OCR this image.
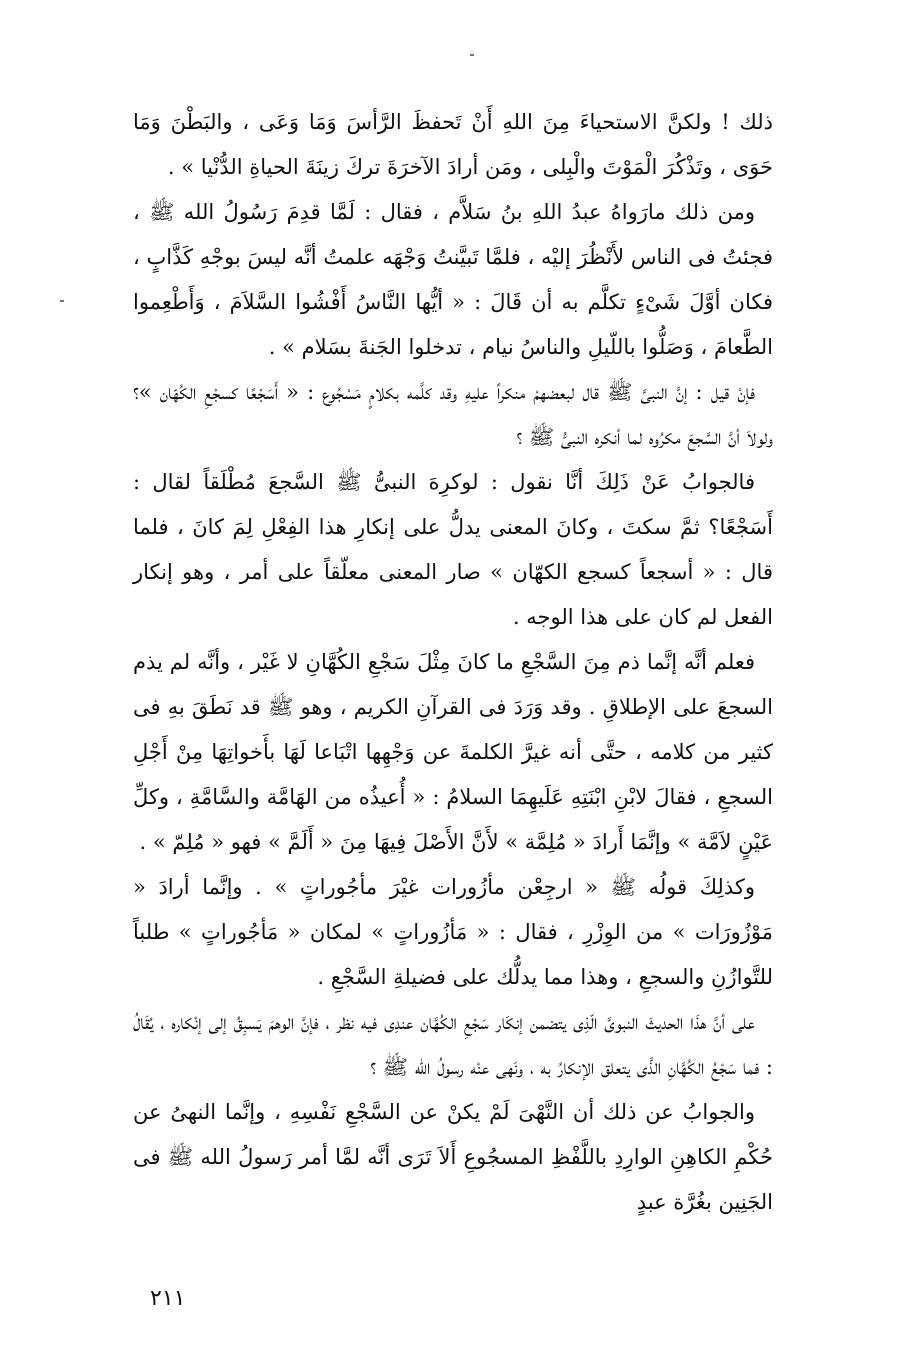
ذلك ! ولكنَّ الاستحياءَ مِنَ اللهِ أَنْ تَحفظَ الرَّأسَ وَمَا وَعَى ، والبَطْنَ وَمَا حَوَى ، وتَذْكُرَ الْمَوْتَ والْبِلى ، ومَن أرادَ الآخرَةَ تركَ زينَةَ الحياةِ الدُّنْيا » .

ومن ذلك مارَواهُ عبدُ اللهِ بنُ سَلاَّم ، فقال : لَمَّا قدِمَ رَسُولُ الله ﷺ ، فجئتُ فى الناس لأَنْظُرَ إليْه ، فلمَّا تَبيَّنتُ وَجْهَه علمتُ أنَّه ليسَ بوجْهِ كَذَّابٍ ، فكان أوَّلَ شَىْءٍ تكلَّم به أن قَالَ : « أيُّها النَّاسُ أَفْشُوا السَّلاَمَ ، وَأَطْعِموا الطَّعامَ ، وَصَلُّوا باللّيلِ والناسُ نيام ، تدخلوا الجَنةَ بسَلام » .

فإنْ قيل : إنَّ النبىَّ ﷺ قال لبعضهمْ منكراً عليهِ وقد كلَّمه بكلامٍ مَسْجُوع : « أَسَجْعًا كسجْعِ الكُهّان »؟ ولولاَ أنَّ السَّجعَ مكرُوه لما أنكره النبىُّ ﷺ ؟

فالجوابُ عَنْ ذَلِكَ أنَّا نقول : لوكرِهَ النبىُّ ﷺ السَّجعَ مُطْلَقاً لقال : أَسَجْعًا؟ ثمَّ سكتَ ، وكانَ المعنى يدلُّ على إنكارِ هذا الفِعْلِ لِمَ كانَ ، فلما قال : « أسجعاً كسجع الكهّان » صار المعنى معلّقاً على أمر ، وهو إنكار الفعل لم كان على هذا الوجه .

فعلم أنَّه إنَّما ذم مِنَ السَّجْعِ ما كانَ مِثْلَ سَجْعِ الكُهَّانِ لا غَيْر ، وأنَّه لم يذم السجعَ على الإطلاقِ . وقد وَرَدَ فى القرآنِ الكريم ، وهو ﷺ قد نَطَقَ بهِ فى كثير من كلامه ، حتَّى أنه غيرَّ الكلمةَ عن وَجْهِها اتْبَاعا لَهَا بأَخواتِهَا مِنْ أَجْلِ السجعِ ، فقالَ لابْنِ ابْنَتِهِ عَلَيهِمَا السلامُ : « أُعيذُه من الهَامَّة والسَّامَّةِ ، وكلِّ عَيْنٍ لاَمَّة » وإنَّمَا أَرادَ « مُلِمَّة » لأَنَّ الأَصْلَ فِيهَا مِنَ « أَلَمَّ » فهو « مُلِمّ » .

وكذلِكَ قولُه ﷺ « ارجِعْن مأزُورات غيْرَ مأجُوراتٍ » . وإنَّما أرادَ « مَوْزُورَات » من الوِزْرِ ، فقال : « مَأزُوراتٍ » لمكان « مَأجُوراتٍ » طلباً للتَّوازُنِ والسجعِ ، وهذا مما يدلُّك على فضيلةِ السَّجْعِ .

على أنَّ هذَا الحديثَ النبوىَّ الّذِى يتضمن إنكَار سَجْعِ الكُهَّان عندِى فيه نظر ، فإنَّ الوهمَ يَسبِقُ إلى إنْكاره ، يُقَالُ : فما سَجْعُ الكُهَّانِ الذَّى يتعلق الإنكارُ به ، ونَهى عنْه رسولُ الله ﷺ ؟

والجوابُ عن ذلك أن النَّهْىَ لَمْ يكنْ عن السَّجْعِ نَفْسِهِ ، وإنَّما النهىُ عن حُكْمِ الكاهِنِ الوارِدِ باللَّفْظِ المسجُوعِ أَلاَ تَرَى أنَّه لمَّا أمر رَسولُ الله ﷺ فى الجَنِين بغُرَّة عبدٍ

٢١١
